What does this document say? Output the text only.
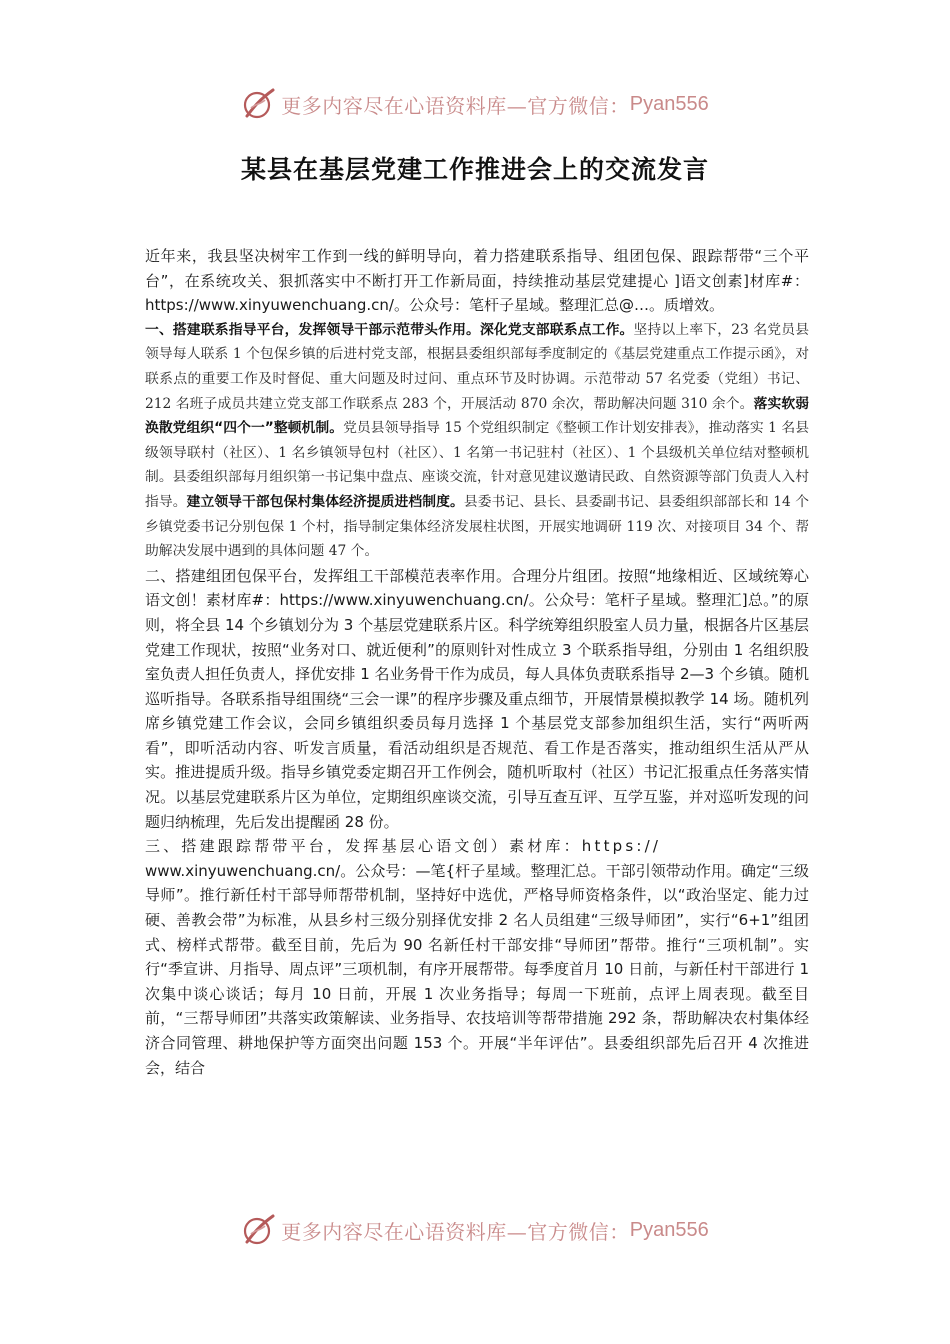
更多内容尽在心语资料库—官方微信： Pyan556
某县在基层党建工作推进会上的交流发言

近年来，我县坚决树牢工作到一线的鲜明导向，着力搭建联系指导、组团包保、跟踪帮带“三个平台”，在系统攻关、狠抓落实中不断打开工作新局面，持续推动基层党建提心 ]语文创素]材库#：https://www.xinyuwenchuang.cn/。公众号：笔杆子星域。整理汇总@…。质增效。

一、搭建联系指导平台，发挥领导干部示范带头作用。深化党支部联系点工作。坚持以上率下，23 名党员县领导每人联系 1 个包保乡镇的后进村党支部，根据县委组织部每季度制定的《基层党建重点工作提示函》，对联系点的重要工作及时督促、重大问题及时过问、重点环节及时协调。示范带动 57 名党委（党组）书记、212 名班子成员共建立党支部工作联系点 283 个，开展活动 870 余次，帮助解决问题 310 余个。落实软弱涣散党组织“四个一”整顿机制。党员县领导指导 15 个党组织制定《整顿工作计划安排表》，推动落实 1 名县级领导联村（社区）、1 名乡镇领导包村（社区）、1 名第一书记驻村（社区）、1 个县级机关单位结对整顿机制。县委组织部每月组织第一书记集中盘点、座谈交流，针对意见建议邀请民政、自然资源等部门负责人入村指导。建立领导干部包保村集体经济提质进档制度。县委书记、县长、县委副书记、县委组织部部长和 14 个乡镇党委书记分别包保 1 个村，指导制定集体经济发展柱状图，开展实地调研 119 次、对接项目 34 个、帮助解决发展中遇到的具体问题 47 个。

二、搭建组团包保平台，发挥组工干部模范表率作用。合理分片组团。按照“地缘相近、区域统筹心语文创！素材库#：https://www.xinyuwenchuang.cn/。公众号：笔杆子星域。整理汇]总。”的原则，将全县 14 个乡镇划分为 3 个基层党建联系片区。科学统筹组织股室人员力量，根据各片区基层党建工作现状，按照“业务对口、就近便利”的原则针对性成立 3 个联系指导组，分别由 1 名组织股室负责人担任负责人，择优安排 1 名业务骨干作为成员，每人具体负责联系指导 2—3 个乡镇。随机巡听指导。各联系指导组围绕“三会一课”的程序步骤及重点细节，开展情景模拟教学 14 场。随机列席乡镇党建工作会议，会同乡镇组织委员每月选择 1 个基层党支部参加组织生活，实行“两听两看”，即听活动内容、听发言质量，看活动组织是否规范、看工作是否落实，推动组织生活从严从实。推进提质升级。指导乡镇党委定期召开工作例会，随机听取村（社区）书记汇报重点任务落实情况。以基层党建联系片区为单位，定期组织座谈交流，引导互查互评、互学互鉴，并对巡听发现的问题归纳梳理，先后发出提醒函 28 份。

三、搭建跟踪帮带平台，发挥基层心语文创）素材库：https://

www.xinyuwenchuang.cn/。公众号：—笔{杆子星域。整理汇总。干部引领带动作用。确定“三级导师”。推行新任村干部导师帮带机制，坚持好中选优，严格导师资格条件，以“政治坚定、能力过硬、善教会带”为标准，从县乡村三级分别择优安排 2 名人员组建“三级导师团”，实行“6+1”组团式、榜样式帮带。截至目前，先后为 90 名新任村干部安排“导师团”帮带。推行“三项机制”。实行“季宣讲、月指导、周点评”三项机制，有序开展帮带。每季度首月 10 日前，与新任村干部进行 1 次集中谈心谈话；每月 10 日前，开展 1 次业务指导；每周一下班前，点评上周表现。截至目前，“三帮导师团”共落实政策解读、业务指导、农技培训等帮带措施 292 条，帮助解决农村集体经济合同管理、耕地保护等方面突出问题 153 个。开展“半年评估”。县委组织部先后召开 4 次推进会，结合

更多内容尽在心语资料库—官方微信： Pyan556
